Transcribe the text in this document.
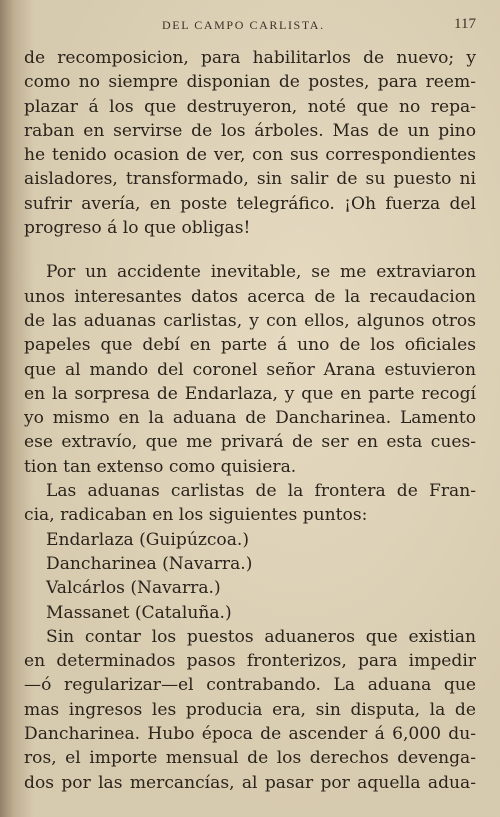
DEL CAMPO CARLISTA.	117
de recomposicion, para habilitarlos de nuevo; y
como no siempre disponian de postes, para reem-
plazar á los que destruyeron, noté que no repa-
raban en servirse de los árboles. Mas de un pino
he tenido ocasion de ver, con sus correspondientes
aisladores, transformado, sin salir de su puesto ni
sufrir avería, en poste telegráfico. ¡Oh fuerza del
progreso á lo que obligas!
Por un accidente inevitable, se me extraviaron
unos interesantes datos acerca de la recaudacion
de las aduanas carlistas, y con ellos, algunos otros
papeles que debí en parte á uno de los oficiales
que al mando del coronel señor Arana estuvieron
en la sorpresa de Endarlaza, y que en parte recogí
yo mismo en la aduana de Dancharinea. Lamento
ese extravío, que me privará de ser en esta cues-
tion tan extenso como quisiera.
Las aduanas carlistas de la frontera de Fran-
cia, radicaban en los siguientes puntos:
Endarlaza (Guipúzcoa.)
Dancharinea (Navarra.)
Valcárlos (Navarra.)
Massanet (Cataluña.)
Sin contar los puestos aduaneros que existian
en determinados pasos fronterizos, para impedir
—ó regularizar—el contrabando. La aduana que
mas ingresos les producia era, sin disputa, la de
Dancharinea. Hubo época de ascender á 6,000 du-
ros, el importe mensual de los derechos devenga-
dos por las mercancías, al pasar por aquella adua-
